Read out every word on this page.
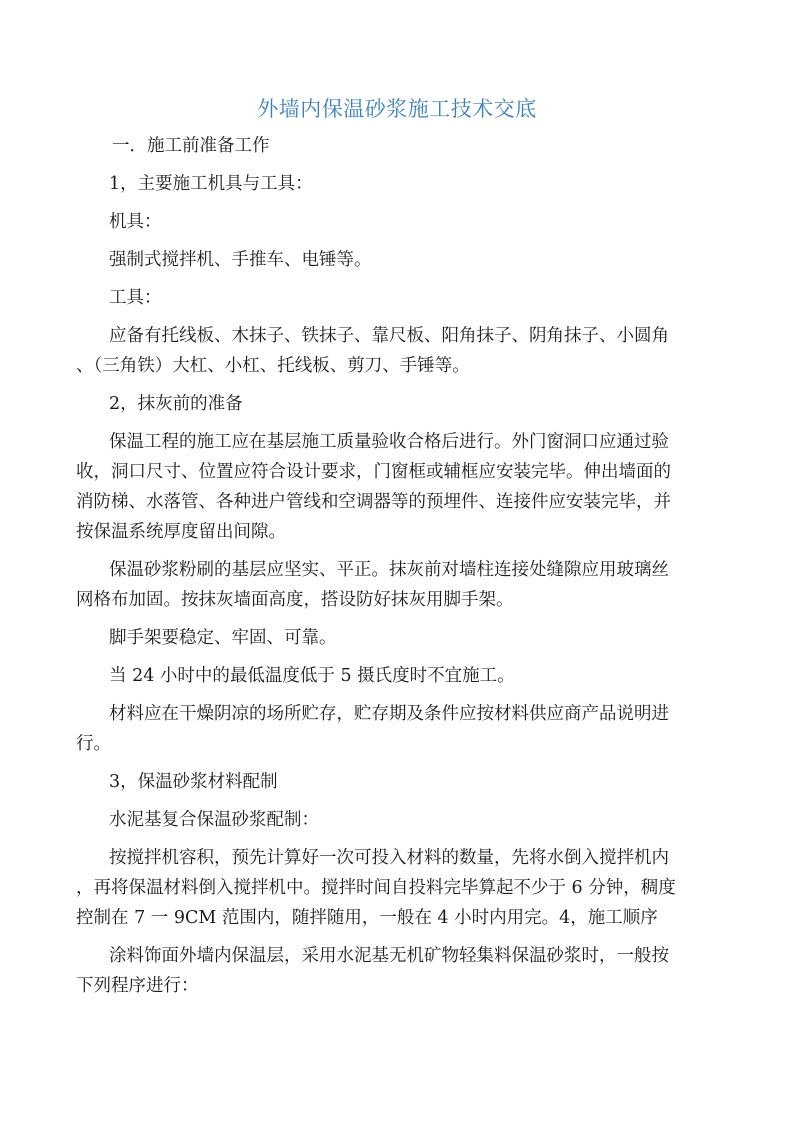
外墙内保温砂浆施工技术交底
一．施工前准备工作
1，主要施工机具与工具：
机具：
强制式搅拌机、手推车、电锤等。
工具：
应备有托线板、木抹子、铁抹子、靠尺板、阳角抹子、阴角抹子、小圆角
、（三角铁）大杠、小杠、托线板、剪刀、手锤等。
2，抹灰前的准备
保温工程的施工应在基层施工质量验收合格后进行。外门窗洞口应通过验
收，洞口尺寸、位置应符合设计要求，门窗框或辅框应安装完毕。伸出墙面的
消防梯、水落管、各种进户管线和空调器等的预埋件、连接件应安装完毕，并
按保温系统厚度留出间隙。
保温砂浆粉刷的基层应坚实、平正。抹灰前对墙柱连接处缝隙应用玻璃丝
网格布加固。按抹灰墙面高度，搭设防好抹灰用脚手架。
脚手架要稳定、牢固、可靠。
当 24 小时中的最低温度低于 5 摄氏度时不宜施工。
材料应在干燥阴凉的场所贮存，贮存期及条件应按材料供应商产品说明进
行。
3，保温砂浆材料配制
水泥基复合保温砂浆配制：
按搅拌机容积，预先计算好一次可投入材料的数量，先将水倒入搅拌机内
，再将保温材料倒入搅拌机中。搅拌时间自投料完毕算起不少于 6 分钟，稠度
控制在 7 一 9CM 范围内，随拌随用，一般在 4 小时内用完。4，施工顺序
涂料饰面外墙内保温层，采用水泥基无机矿物轻集料保温砂浆时，一般按
下列程序进行：
